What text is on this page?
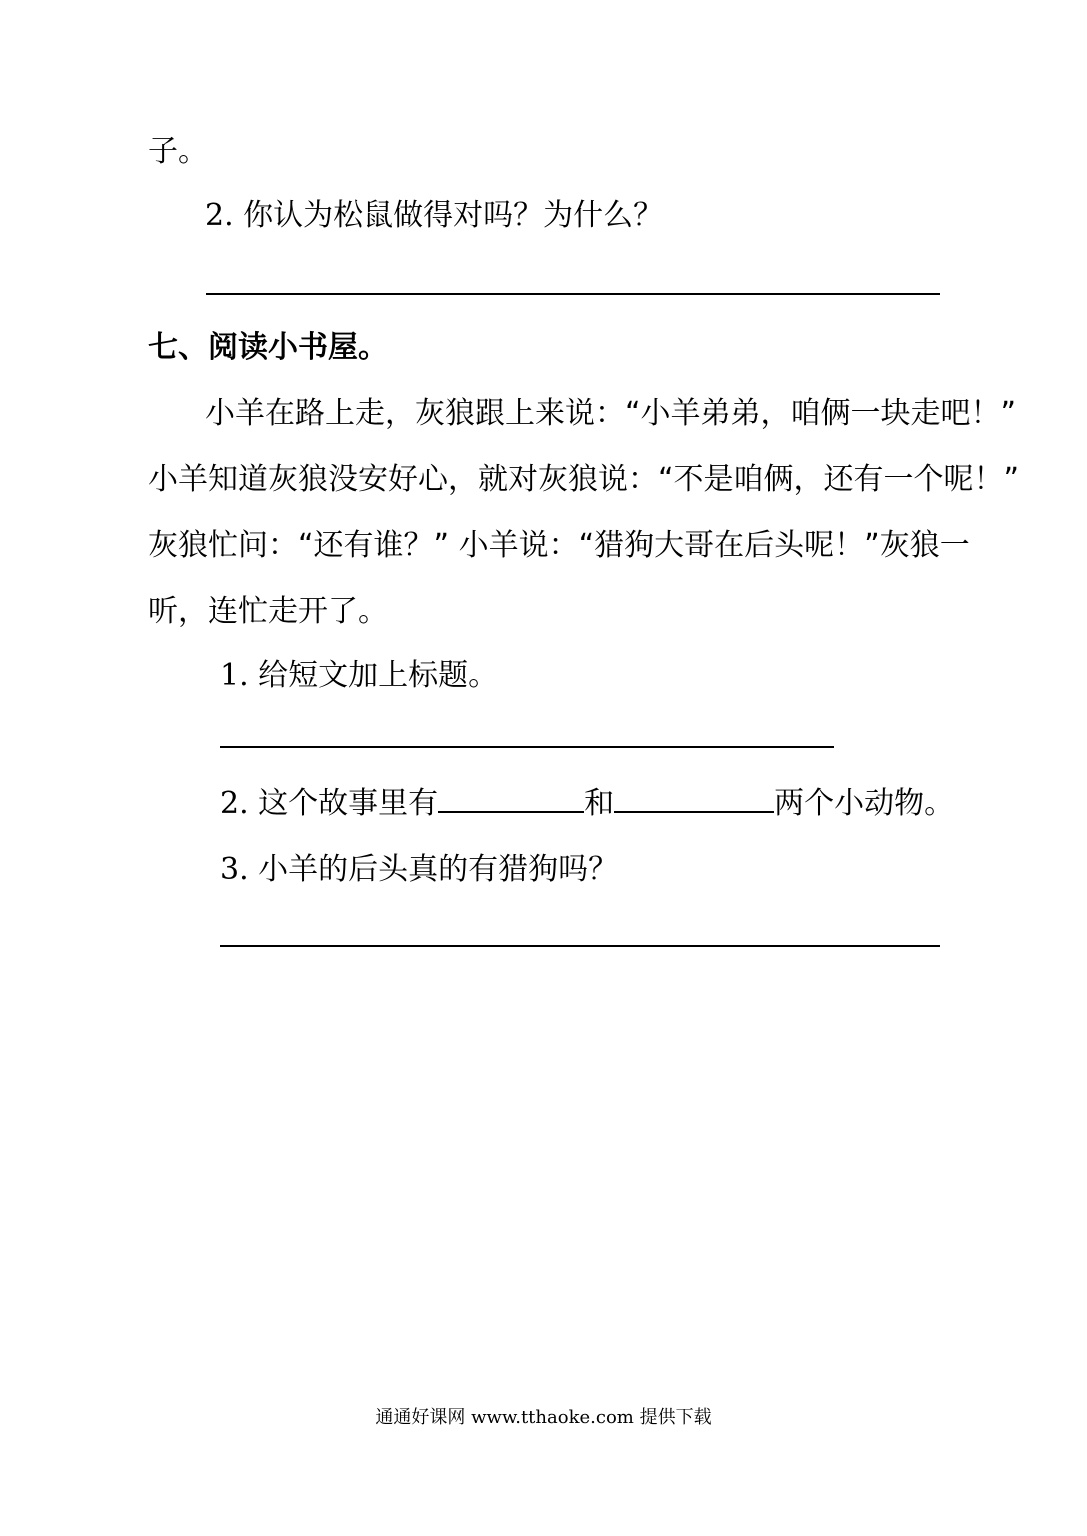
子。
2. 你认为松鼠做得对吗？为什么？
七、阅读小书屋。
小羊在路上走，灰狼跟上来说：“小羊弟弟，咱俩一块走吧！”
小羊知道灰狼没安好心，就对灰狼说：“不是咱俩，还有一个呢！”
灰狼忙问：“还有谁？” 小羊说：“猎狗大哥在后头呢！”灰狼一
听，连忙走开了。
1. 给短文加上标题。
2. 这个故事里有	和	两个小动物。
3. 小羊的后头真的有猎狗吗？
通通好课网 www.tthaoke.com 提供下载
